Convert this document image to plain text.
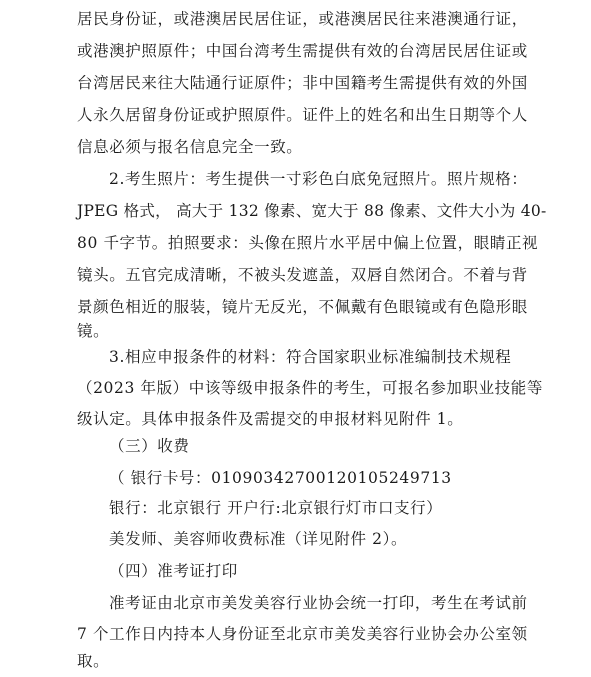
居民身份证，或港澳居民居住证，或港澳居民往来港澳通行证，
或港澳护照原件；中国台湾考生需提供有效的台湾居民居住证或
台湾居民来往大陆通行证原件；非中国籍考生需提供有效的外国
人永久居留身份证或护照原件。证件上的姓名和出生日期等个人
信息必须与报名信息完全一致。
2.考生照片：考生提供一寸彩色白底免冠照片。照片规格：
JPEG 格式， 高大于 132 像素、宽大于 88 像素、文件大小为 40-
80 千字节。拍照要求：头像在照片水平居中偏上位置，眼睛正视
镜头。五官完成清晰，不被头发遮盖，双唇自然闭合。不着与背
景颜色相近的服装，镜片无反光，不佩戴有色眼镜或有色隐形眼
镜。
3.相应申报条件的材料：符合国家职业标准编制技术规程
（2023 年版）中该等级申报条件的考生，可报名参加职业技能等
级认定。具体申报条件及需提交的申报材料见附件 1。
（三）收费
（ 银行卡号：0109034270012010524971​3
银行：北京银行 开户行:北京银行灯市口支行）
美发师、美容师收费标准（详见附件 2）。
（四）准考证打印
准考证由北京市美发美容行业协会统一打印，考生在考试前
7 个工作日内持本人身份证至北京市美发美容行业协会办公室领
取。
